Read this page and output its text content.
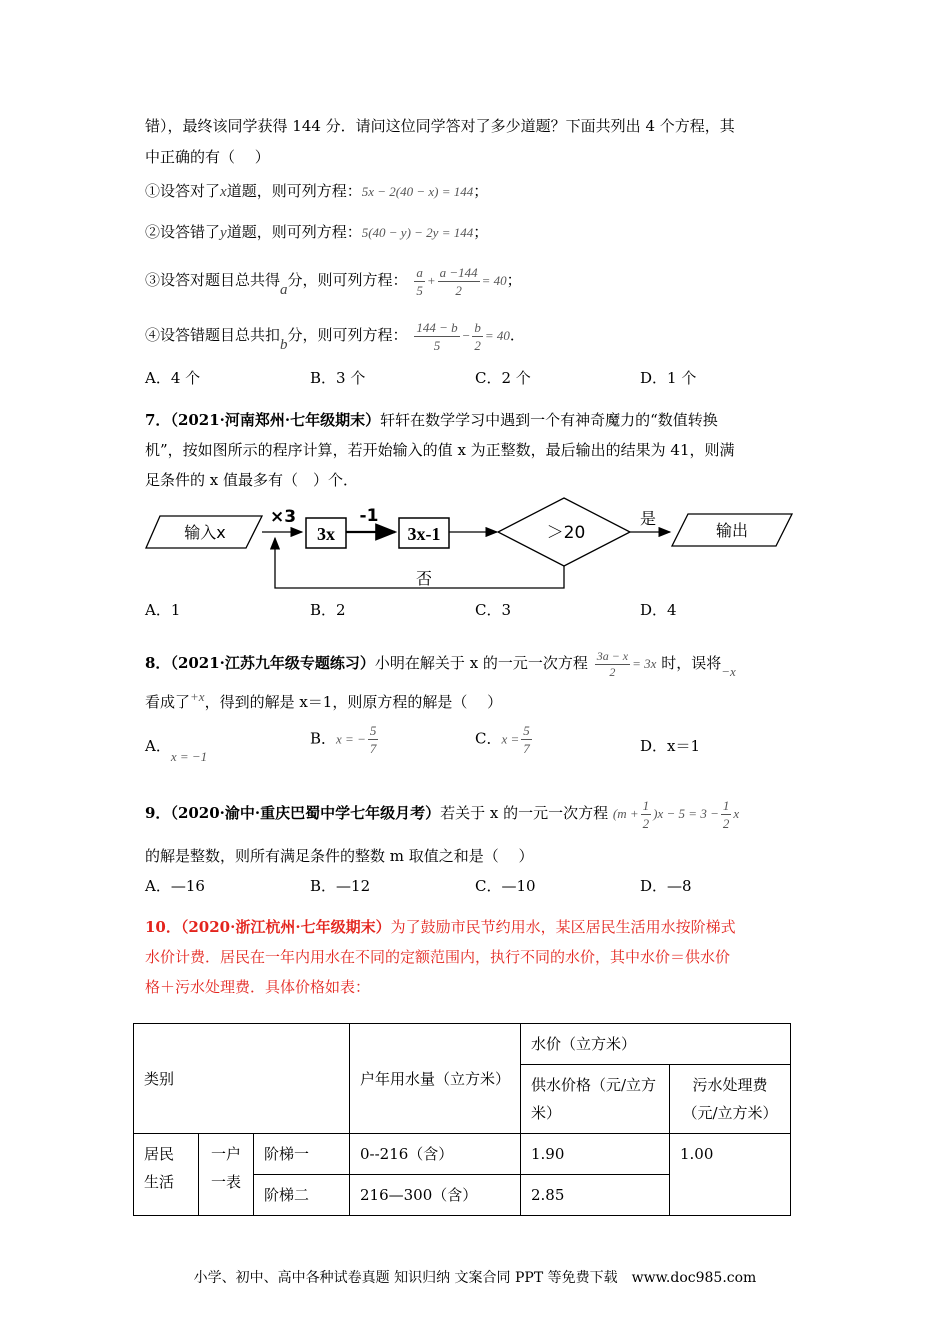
错），最终该同学获得 144 分．请问这位同学答对了多少道题？下面共列出 4 个方程，其
中正确的有（　 ）
①设答对了x道题，则可列方程：5x − 2(40 − x) = 144；
②设答错了y道题，则可列方程：5(40 − y) − 2y = 144；
③设答对题目总共得a分，则可列方程： $\frac{a}{5} + \frac{a -144}{2} = 40$；
④设答错题目总共扣b分，则可列方程： $\frac{144 - b}{5} - \frac{b}{2} = 40$．
A．4 个	B．3 个	C．2 个	D．1 个
7．（2021·河南郑州·七年级期末）轩轩在数学学习中遇到一个有神奇魔力的“数值转换
机”，按如图所示的程序计算，若开始输入的值 x 为正整数，最后输出的结果为 41，则满
足条件的 x 值最多有（　）个．
输入x
×3
3x
-1
3x-1	＞20
是
输出
否
A．1	B．2	C．3	D．4
8．（2021·江苏九年级专题练习）小明在解关于 x 的一元一次方程 $\frac{3a - x}{2} = 3x$ 时，误将−x
看成了+x，得到的解是 x＝1，则原方程的解是（　 ）
A．x = −1
B．x = − $\frac{5}{7}$	C．$x = \frac{5}{7}$	D．x＝1
9．（2020·渝中·重庆巴蜀中学七年级月考）若关于 x 的一元一次方程 $(m + \frac{1}{2} )x - 5 = 3 - \frac{1}{2}$ x
的解是整数，则所有满足条件的整数 m 取值之和是（　 ）
A．—16	B．—12	C．—10	D．—8
10．（2020·浙江杭州·七年级期末）为了鼓励市民节约用水，某区居民生活用水按阶梯式
水价计费．居民在一年内用水在不同的定额范围内，执行不同的水价，其中水价＝供水价
格＋污水处理费．具体价格如表：
类别			户年用水量（立方米）	水价（立方米）	
				供水价格（元/立方米）	污水处理费（元/立方米）
居民生活	一户一表	阶梯一	0--216（含）	1.90	1.00
		阶梯二	216—300（含）	2.85	
小学、初中、高中各种试卷真题 知识归纳 文案合同 PPT 等免费下载　www.doc985.com
